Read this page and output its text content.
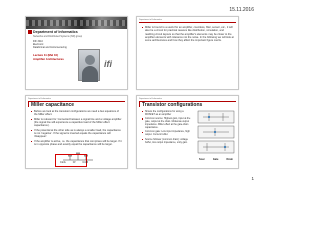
15.11.2016
Department of Informatics
Networks and Distributed Systems (ND) group
INF 3410
Electronic
Dataformat and Instrumentering
Lecture 11 (Mel 10)
Amplifier Architectures
ifi
Department of Informatics
Miller is bound to a useful for an amplifier, countless, filter, sensor, etc., it will also be a circuit for practical reasons like distribution, simulation, and realizing circuit layouts so that the amplifier's elements may be closer to the amplifier elements with tolerance not the noise. In the following we will look at some architectures and how they affect the important figure merits.
Department of Informatics
Miller capacitance
Before we look at the transistor configurations we need a few equations of the Miller effect.
Miller is relevant for 'connected between a signal line and a voltage amplifier (the signal line will experience a capacitive load of the Miller effect capacitance).
If the potential at the other side as is always a smaller load, the capacitance is not 'negative'. If the signal is inverted equals the capacitance will 'disappear'.
If the amplifier is active, i.e. the capacitance that comprises will be larger. If it is in opposite phase and exactly equal the capacitance will be larger.
CinA	Cf	CinB
Department of Informatics
Transistor configurations
Shows the configurations for using a MOSFET as an amplifier
Common source: Highest gain, input at the gate, output at the drain. Moderate output impedance. Miller effect at the gate-drain capacitance.
Common gate: Low input impedance, high output. Current buffer.
Source follower (common drain): voltage buffer, low output impedance, unity gain.
Sour	Gate	Drain
1
